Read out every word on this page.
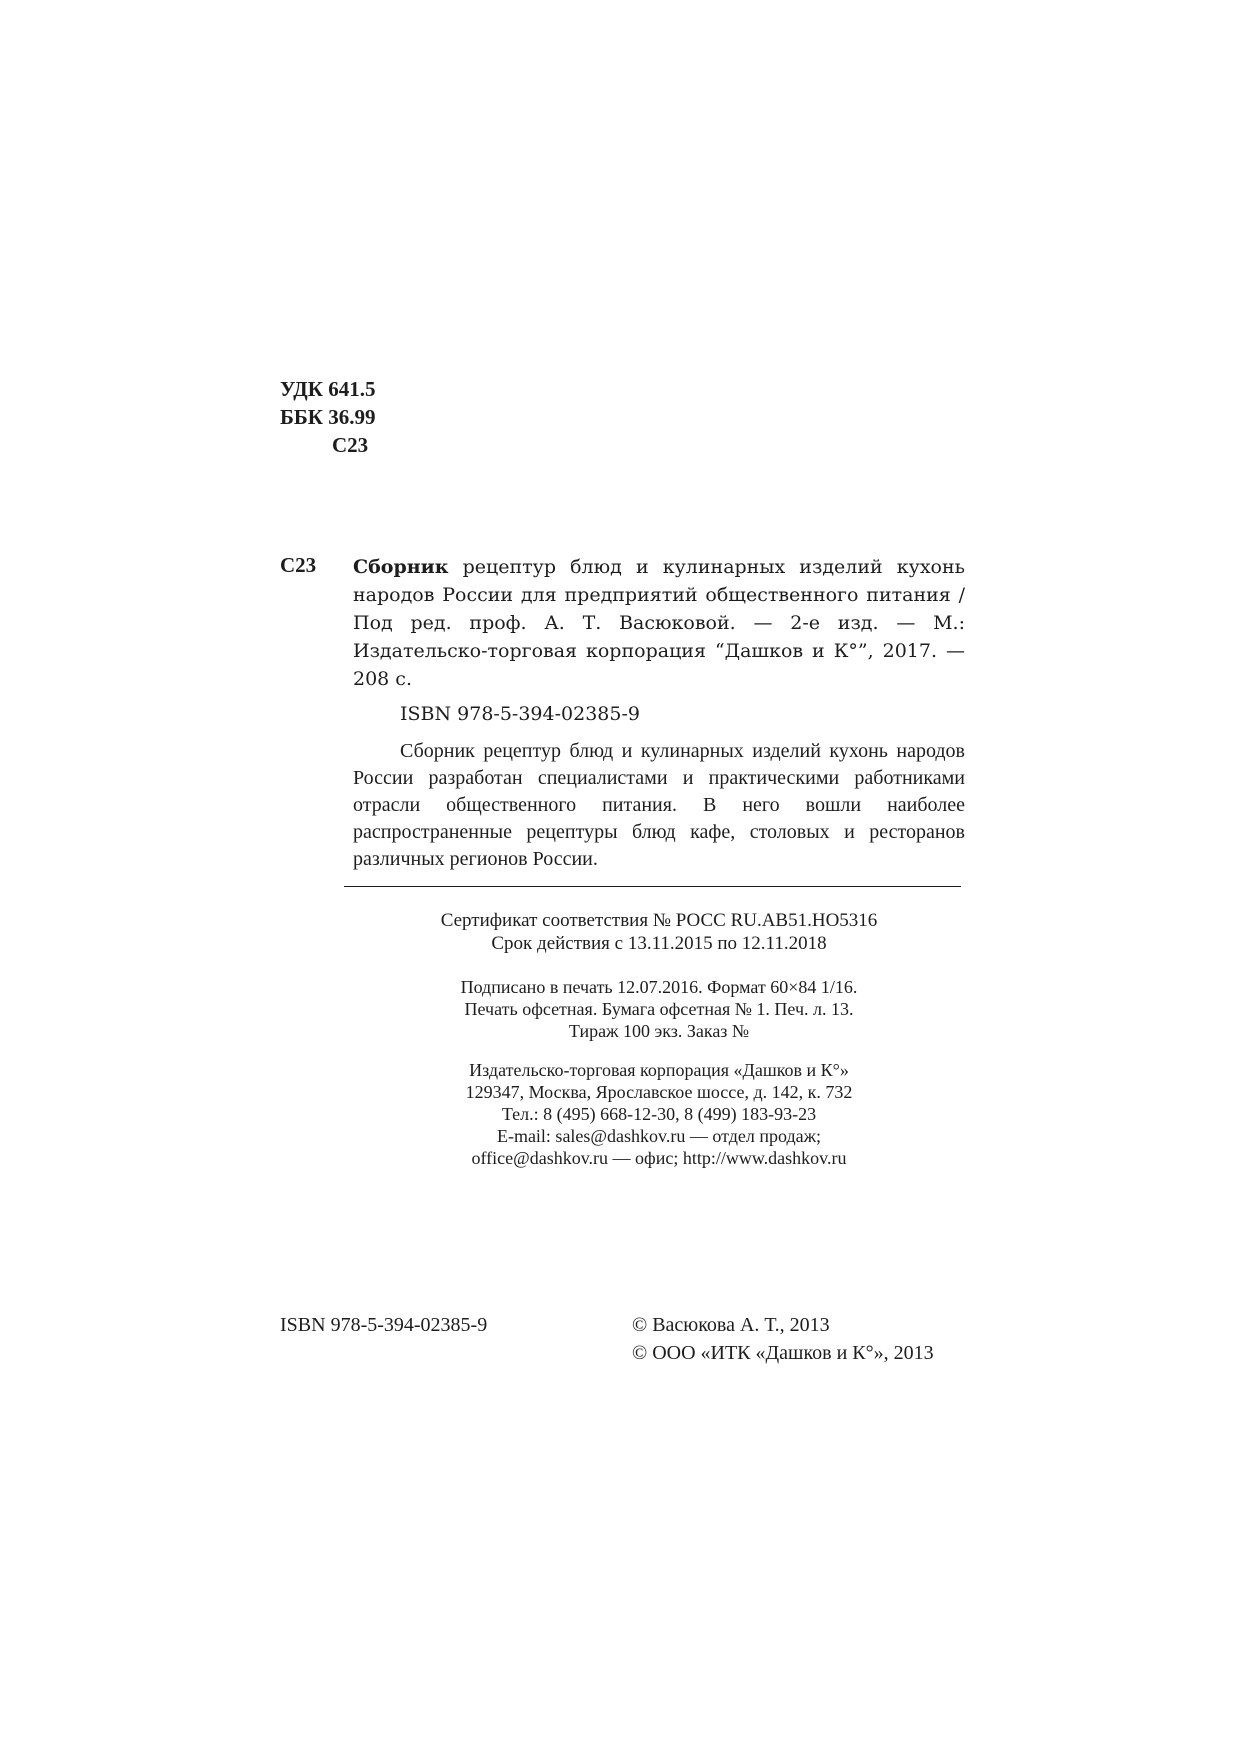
УДК 641.5

ББК 36.99

С23

С23 Сборник рецептур блюд и кулинарных изделий кухонь народов России для предприятий общественного питания / Под ред. проф. А. Т. Васюковой. — 2-е изд. — М.: Издательско-торговая корпорация “Дашков и К°”, 2017. — 208 с.

ISBN 978-5-394-02385-9

Сборник рецептур блюд и кулинарных изделий кухонь народов России разработан специалистами и практическими работниками отрасли общественного питания. В него вошли наиболее распространенные рецептуры блюд кафе, столовых и ресторанов различных регионов России.

Сертификат соответствия № РОСС RU.АВ51.НО5316
Срок действия с 13.11.2015 по 12.11.2018

Подписано в печать 12.07.2016. Формат 60×84 1/16.
Печать офсетная. Бумага офсетная № 1. Печ. л. 13.
Тираж 100 экз. Заказ №

Издательско-торговая корпорация «Дашков и К°»
129347, Москва, Ярославское шоссе, д. 142, к. 732
Тел.: 8 (495) 668-12-30, 8 (499) 183-93-23
E-mail: sales@dashkov.ru — отдел продаж;
office@dashkov.ru — офис; http://www.dashkov.ru

ISBN 978-5-394-02385-9	© Васюкова А. Т., 2013
© ООО «ИТК «Дашков и К°», 2013
